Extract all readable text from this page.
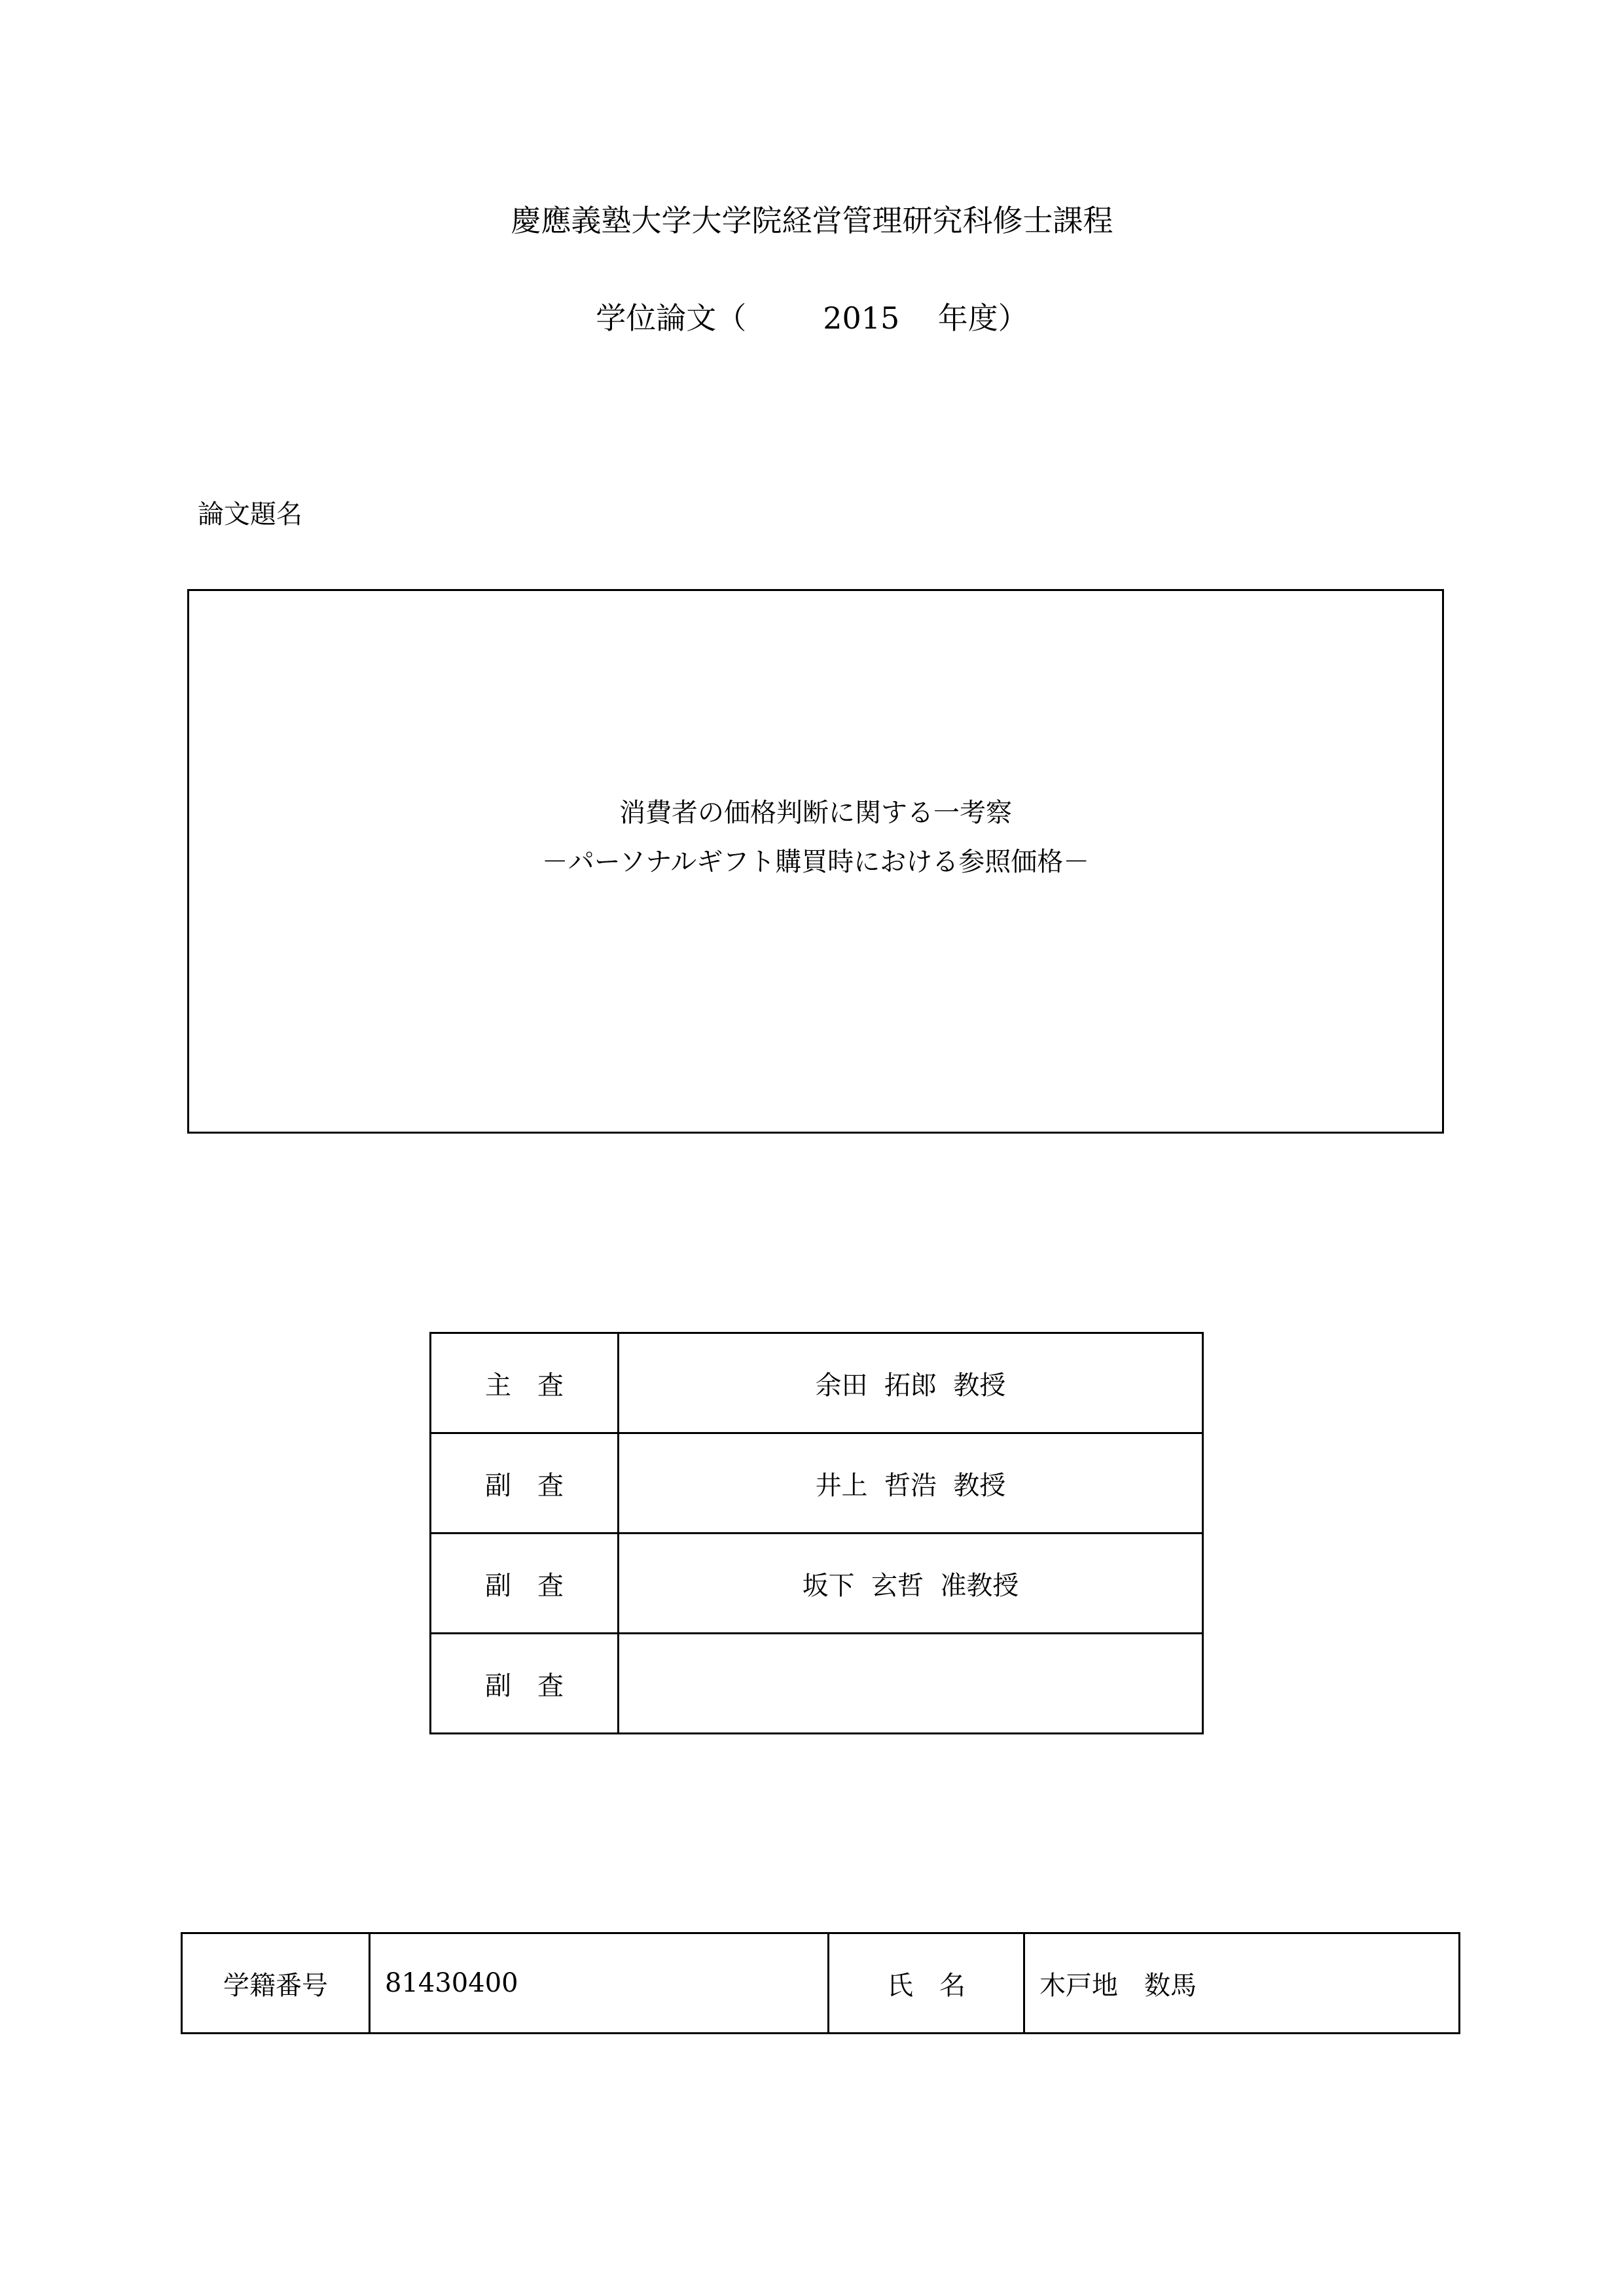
慶應義塾大学大学院経営管理研究科修士課程
学位論文（	2015 年度）
論文題名
消費者の価格判断に関する一考察
－パーソナルギフト購買時における参照価格－
主　査	余田  拓郎  教授
副　査	井上  哲浩  教授
副　査	坂下  玄哲  准教授
副　査	
学籍番号	81430400	氏　名	木戸地　数馬
